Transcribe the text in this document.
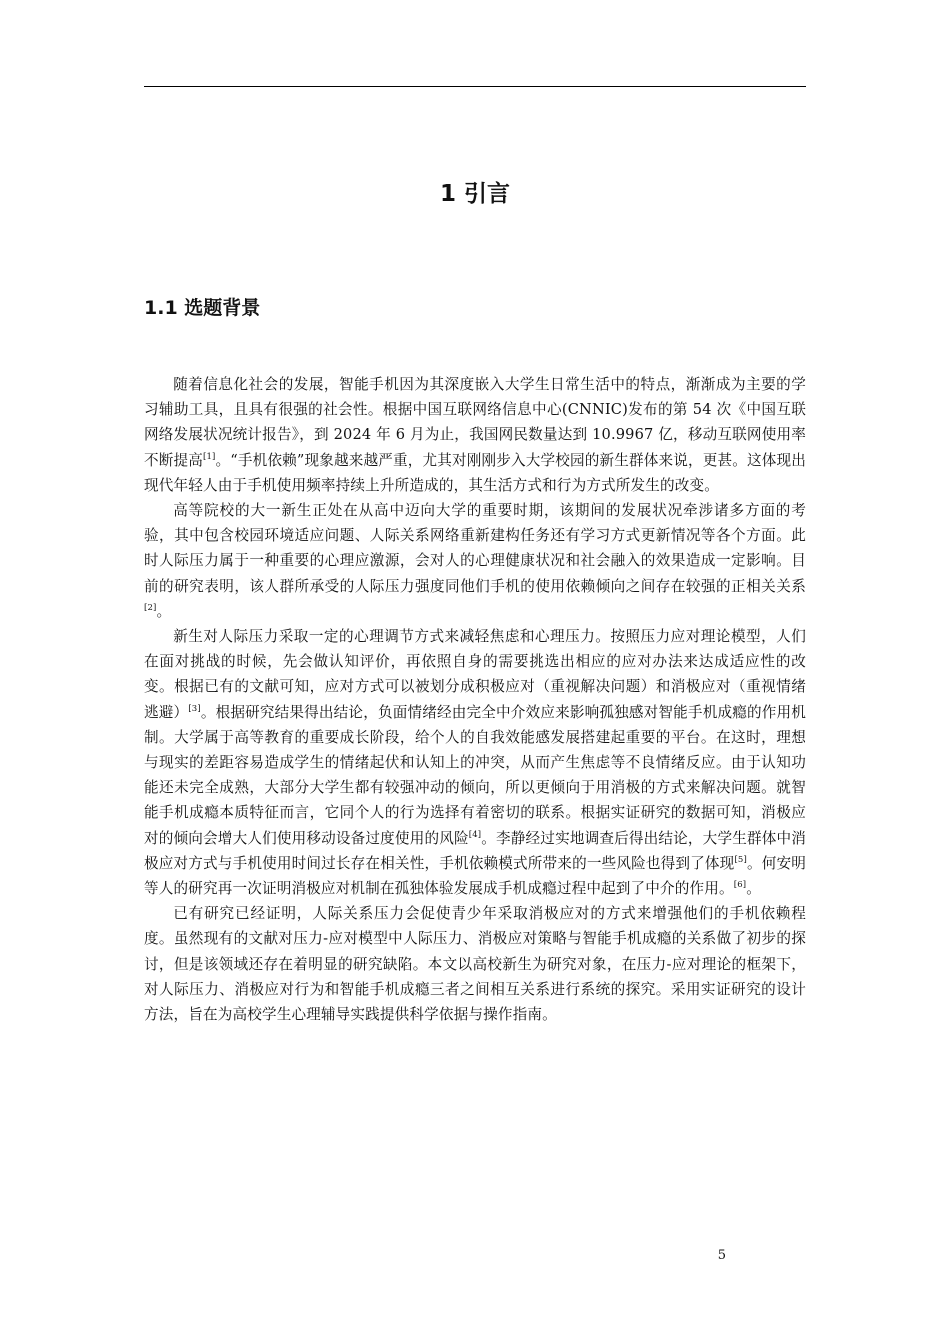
1 引言
1.1 选题背景

随着信息化社会的发展，智能手机因为其深度嵌入大学生日常生活中的特点，渐渐成为主要的学习辅助工具，且具有很强的社会性。根据中国互联网络信息中心(CNNIC)发布的第 54 次《中国互联网络发展状况统计报告》，到 2024 年 6 月为止，我国网民数量达到 10.9967 亿，移动互联网使用率不断提高[1]。“手机依赖”现象越来越严重，尤其对刚刚步入大学校园的新生群体来说，更甚。这体现出现代年轻人由于手机使用频率持续上升所造成的，其生活方式和行为方式所发生的改变。

高等院校的大一新生正处在从高中迈向大学的重要时期，该期间的发展状况牵涉诸多方面的考验，其中包含校园环境适应问题、人际关系网络重新建构任务还有学习方式更新情况等各个方面。此时人际压力属于一种重要的心理应激源，会对人的心理健康状况和社会融入的效果造成一定影响。目前的研究表明，该人群所承受的人际压力强度同他们手机的使用依赖倾向之间存在较强的正相关关系[2]。

新生对人际压力采取一定的心理调节方式来减轻焦虑和心理压力。按照压力应对理论模型，人们在面对挑战的时候，先会做认知评价，再依照自身的需要挑选出相应的应对办法来达成适应性的改变。根据已有的文献可知，应对方式可以被划分成积极应对（重视解决问题）和消极应对（重视情绪逃避）[3]。根据研究结果得出结论，负面情绪经由完全中介效应来影响孤独感对智能手机成瘾的作用机制。大学属于高等教育的重要成长阶段，给个人的自我效能感发展搭建起重要的平台。在这时，理想与现实的差距容易造成学生的情绪起伏和认知上的冲突，从而产生焦虑等不良情绪反应。由于认知功能还未完全成熟，大部分大学生都有较强冲动的倾向，所以更倾向于用消极的方式来解决问题。就智能手机成瘾本质特征而言，它同个人的行为选择有着密切的联系。根据实证研究的数据可知，消极应对的倾向会增大人们使用移动设备过度使用的风险[4]。李静经过实地调查后得出结论，大学生群体中消极应对方式与手机使用时间过长存在相关性，手机依赖模式所带来的一些风险也得到了体现[5]。何安明等人的研究再一次证明消极应对机制在孤独体验发展成手机成瘾过程中起到了中介的作用。[6]。

已有研究已经证明，人际关系压力会促使青少年采取消极应对的方式来增强他们的手机依赖程度。虽然现有的文献对压力-应对模型中人际压力、消极应对策略与智能手机成瘾的关系做了初步的探讨，但是该领域还存在着明显的研究缺陷。本文以高校新生为研究对象，在压力-应对理论的框架下，对人际压力、消极应对行为和智能手机成瘾三者之间相互关系进行系统的探究。采用实证研究的设计方法，旨在为高校学生心理辅导实践提供科学依据与操作指南。

5
